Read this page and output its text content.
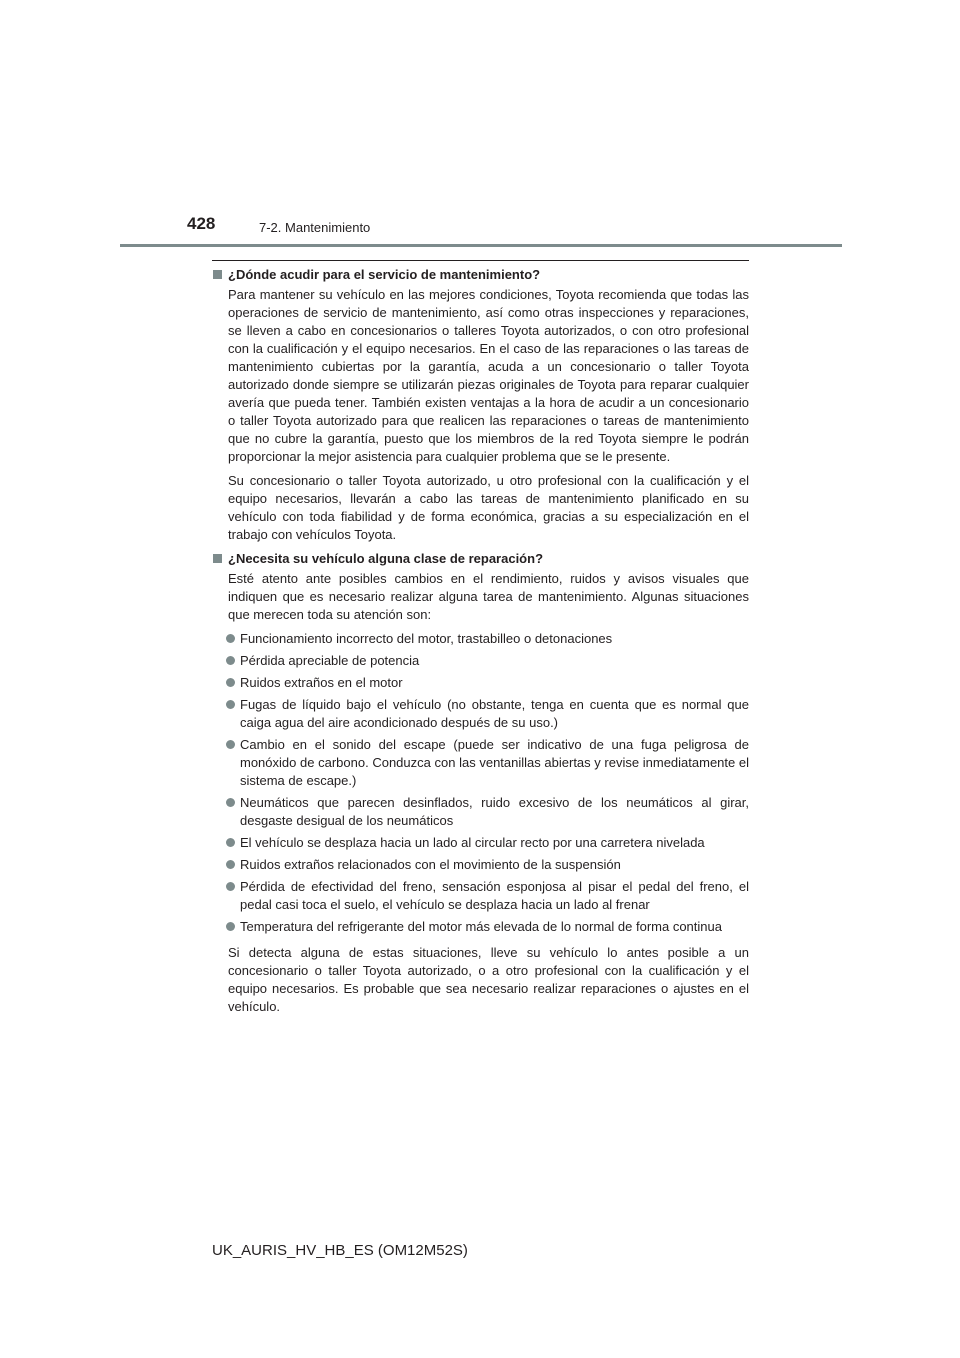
428	7-2. Mantenimiento
¿Dónde acudir para el servicio de mantenimiento?

Para mantener su vehículo en las mejores condiciones, Toyota recomienda que todas las operaciones de servicio de mantenimiento, así como otras inspecciones y reparaciones, se lleven a cabo en concesionarios o talleres Toyota autorizados, o con otro profesional con la cualificación y el equipo necesarios. En el caso de las reparaciones o las tareas de mantenimiento cubiertas por la garantía, acuda a un concesionario o taller Toyota autorizado donde siempre se utilizarán piezas originales de Toyota para reparar cualquier avería que pueda tener. También existen ventajas a la hora de acudir a un concesionario o taller Toyota autorizado para que realicen las reparaciones o tareas de mantenimiento que no cubre la garantía, puesto que los miembros de la red Toyota siempre le podrán proporcionar la mejor asistencia para cualquier problema que se le presente.

Su concesionario o taller Toyota autorizado, u otro profesional con la cualificación y el equipo necesarios, llevarán a cabo las tareas de mantenimiento planificado en su vehículo con toda fiabilidad y de forma económica, gracias a su especialización en el trabajo con vehículos Toyota.

¿Necesita su vehículo alguna clase de reparación?

Esté atento ante posibles cambios en el rendimiento, ruidos y avisos visuales que indiquen que es necesario realizar alguna tarea de mantenimiento. Algunas situaciones que merecen toda su atención son:

Funcionamiento incorrecto del motor, trastabilleo o detonaciones
Pérdida apreciable de potencia
Ruidos extraños en el motor
Fugas de líquido bajo el vehículo (no obstante, tenga en cuenta que es normal que caiga agua del aire acondicionado después de su uso.)
Cambio en el sonido del escape (puede ser indicativo de una fuga peligrosa de monóxido de carbono. Conduzca con las ventanillas abiertas y revise inmediatamente el sistema de escape.)
Neumáticos que parecen desinflados, ruido excesivo de los neumáticos al girar, desgaste desigual de los neumáticos
El vehículo se desplaza hacia un lado al circular recto por una carretera nivelada
Ruidos extraños relacionados con el movimiento de la suspensión
Pérdida de efectividad del freno, sensación esponjosa al pisar el pedal del freno, el pedal casi toca el suelo, el vehículo se desplaza hacia un lado al frenar
Temperatura del refrigerante del motor más elevada de lo normal de forma continua

Si detecta alguna de estas situaciones, lleve su vehículo lo antes posible a un concesionario o taller Toyota autorizado, o a otro profesional con la cualificación y el equipo necesarios. Es probable que sea necesario realizar reparaciones o ajustes en el vehículo.

UK_AURIS_HV_HB_ES (OM12M52S)
